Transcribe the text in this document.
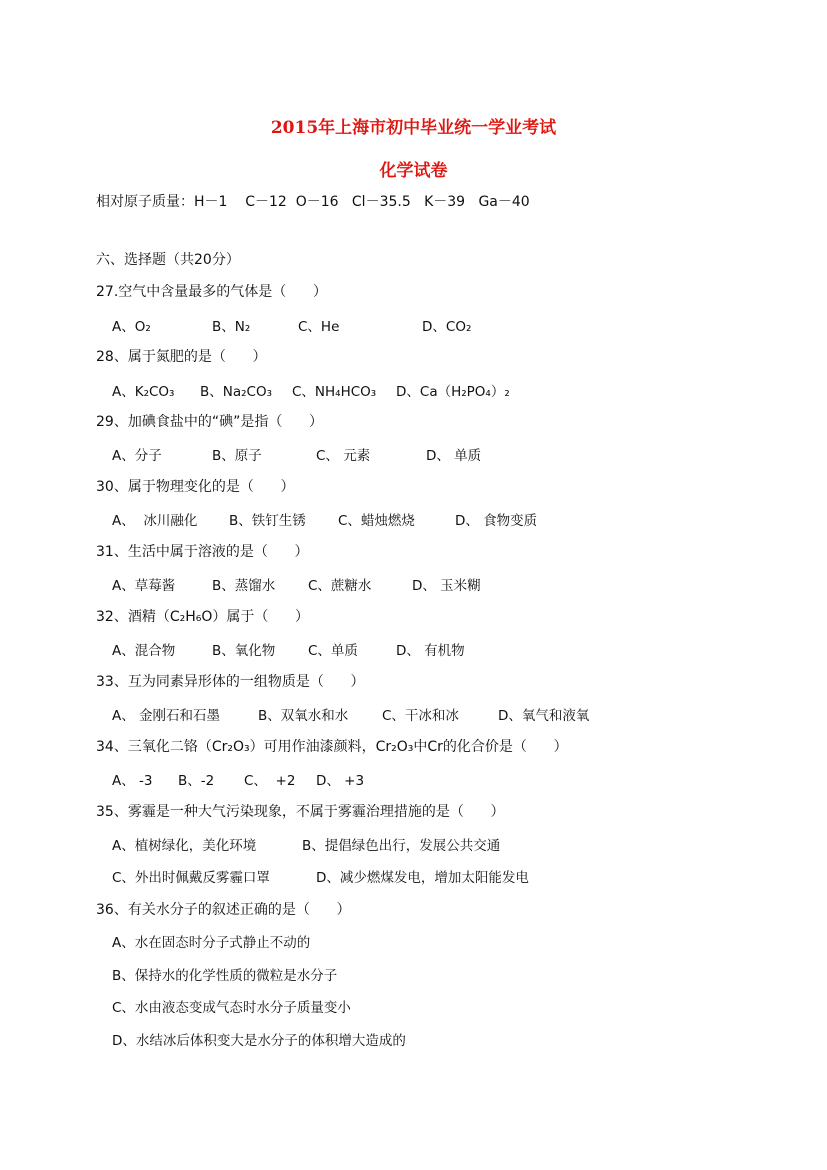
2015年上海市初中毕业统一学业考试
化学试卷
相对原子质量：H－1    C－12  O－16   Cl－35.5   K－39   Ga－40
六、选择题（共20分）
27.空气中含量最多的气体是（      ）
A、O₂	B、N₂	C、He	D、CO₂
28、属于氮肥的是（      ）
A、K₂CO₃ B、Na₂CO₃ C、NH₄HCO₃ D、Ca（H₂PO₄）₂
29、加碘食盐中的“碘”是指（      ）
A、分子	B、原子	C、 元素	D、 单质
30、属于物理变化的是（      ）
A、  冰川融化 B、铁钉生锈 C、蜡烛燃烧	D、 食物变质
31、生活中属于溶液的是（      ）
A、草莓酱	B、蒸馏水 C、蔗糖水	D、 玉米糊
32、酒精（C₂H₆O）属于（      ）
A、混合物	B、氧化物 C、单质	D、 有机物
33、互为同素异形体的一组物质是（      ）
A、 金刚石和石墨	B、双氧水和水 C、干冰和冰	D、氧气和液氧
34、三氧化二铬（Cr₂O₃）可用作油漆颜料，Cr₂O₃中Cr的化合价是（      ）
A、 -3 B、-2 C、  +2 D、 +3
35、雾霾是一种大气污染现象，不属于雾霾治理措施的是（      ）
A、植树绿化，美化环境	B、提倡绿色出行，发展公共交通
C、外出时佩戴反雾霾口罩	D、减少燃煤发电，增加太阳能发电
36、有关水分子的叙述正确的是（      ）
A、水在固态时分子式静止不动的
B、保持水的化学性质的微粒是水分子
C、水由液态变成气态时水分子质量变小
D、水结冰后体积变大是水分子的体积增大造成的
